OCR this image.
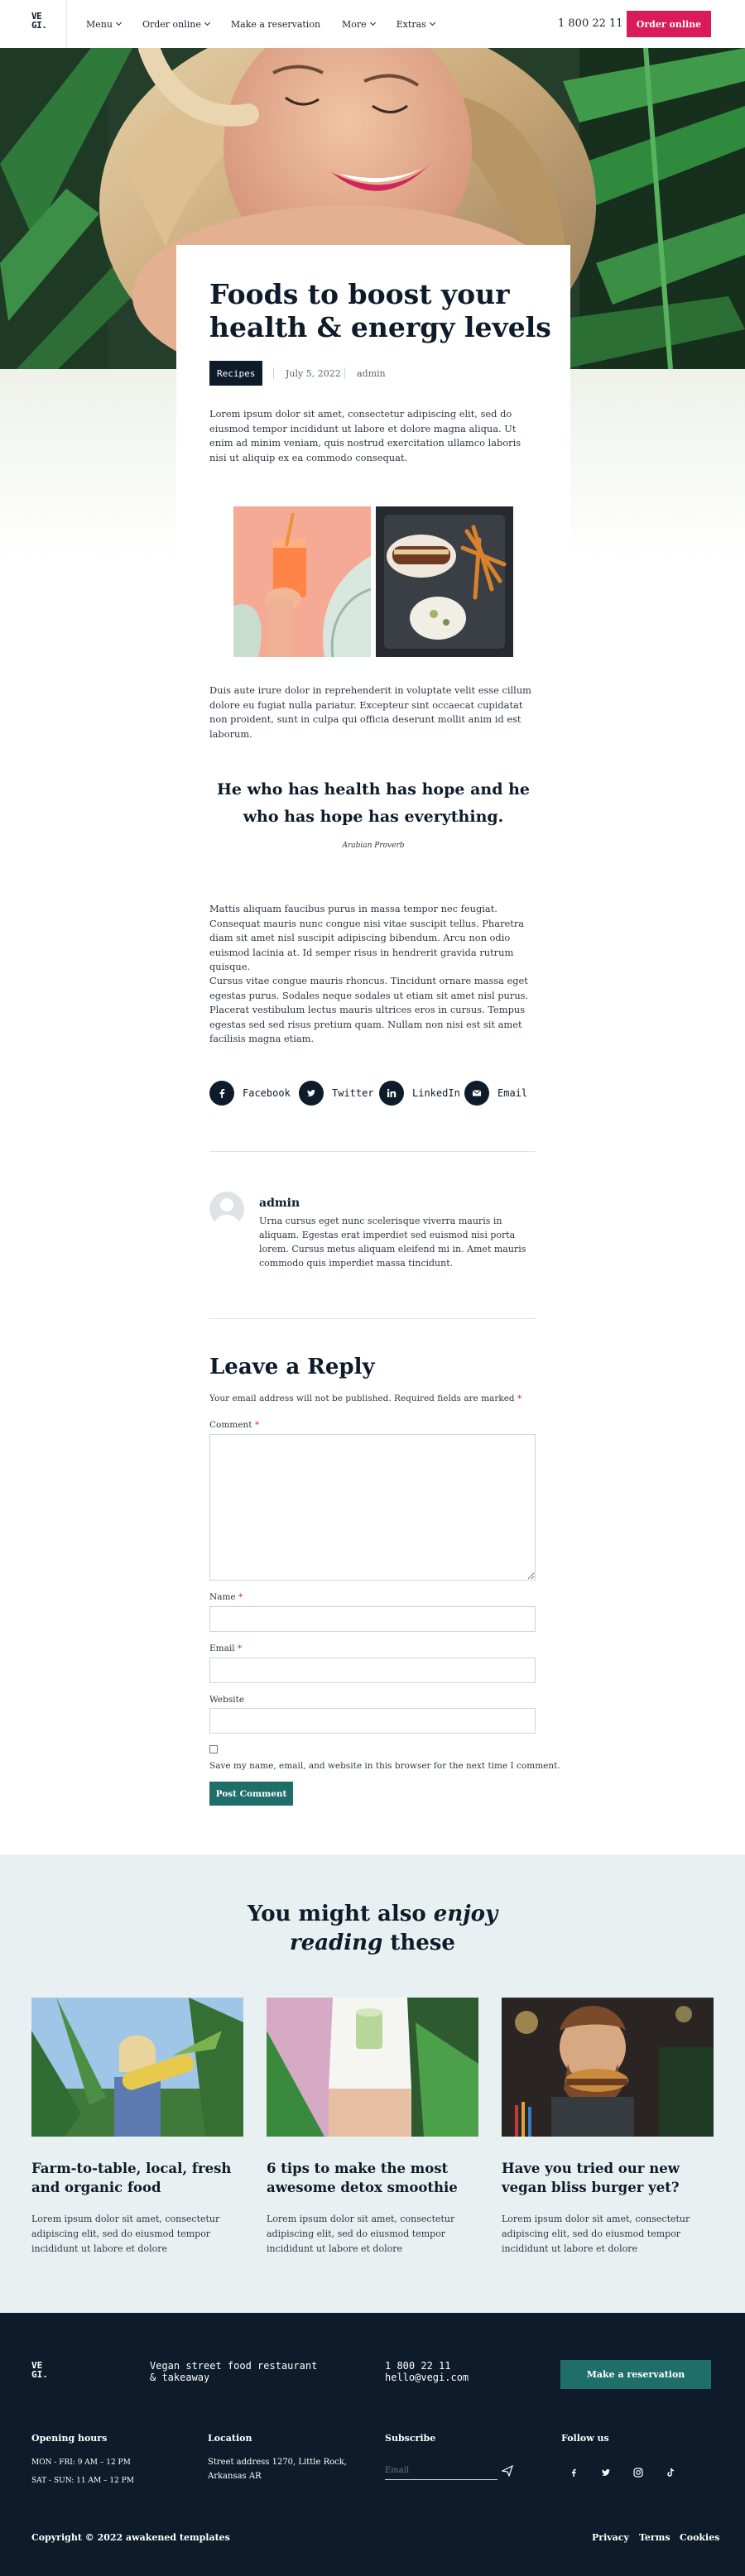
VE GI.	Menu	Order online	Make a reservation More	Extras	1 800 22 11	Order online
Foods to boost your health & energy levels
Recipes	July 5, 2022 admin

Lorem ipsum dolor sit amet, consectetur adipiscing elit, sed do eiusmod tempor incididunt ut labore et dolore magna aliqua. Ut enim ad minim veniam, quis nostrud exercitation ullamco laboris nisi ut aliquip ex ea commodo consequat.

Duis aute irure dolor in reprehenderit in voluptate velit esse cillum dolore eu fugiat nulla pariatur. Excepteur sint occaecat cupidatat non proident, sunt in culpa qui officia deserunt mollit anim id est laborum.

He who has health has hope and he who has hope has everything.
Arabian Proverb

Mattis aliquam faucibus purus in massa tempor nec feugiat. Consequat mauris nunc congue nisi vitae suscipit tellus. Pharetra diam sit amet nisl suscipit adipiscing bibendum. Arcu non odio euismod lacinia at. Id semper risus in hendrerit gravida rutrum quisque.

Cursus vitae congue mauris rhoncus. Tincidunt ornare massa eget egestas purus. Sodales neque sodales ut etiam sit amet nisl purus. Placerat vestibulum lectus mauris ultrices eros in cursus. Tempus egestas sed sed risus pretium quam. Nullam non nisi est sit amet facilisis magna etiam.

Facebook	Twitter	LinkedIn	Email
admin

Urna cursus eget nunc scelerisque viverra mauris in aliquam. Egestas erat imperdiet sed euismod nisi porta lorem. Cursus metus aliquam eleifend mi in. Amet mauris commodo quis imperdiet massa tincidunt.

Leave a Reply
Your email address will not be published. Required fields are marked *
Comment *
Name *
Email *
Website
Save my name, email, and website in this browser for the next time I comment.
Post Comment
You might also enjoy
reading these
Farm-to-table, local, fresh and organic food
6 tips to make the most awesome detox smoothie
Have you tried our new vegan bliss burger yet?

Lorem ipsum dolor sit amet, consectetur adipiscing elit, sed do eiusmod tempor incididunt ut labore et dolore

Lorem ipsum dolor sit amet, consectetur adipiscing elit, sed do eiusmod tempor incididunt ut labore et dolore

Lorem ipsum dolor sit amet, consectetur adipiscing elit, sed do eiusmod tempor incididunt ut labore et dolore

VE GI.
Vegan street food restaurant
& takeaway
1 800 22 11
hello@vegi.com	Make a reservation
Opening hours
MON - FRI: 9 AM – 12 PM
SAT - SUN: 11 AM – 12 PM
Location
Street address 1270, Little Rock,
Arkansas AR
Subscribe
Email	Follow us
Copyright © 2022 awakened templates	Privacy Terms Cookies
